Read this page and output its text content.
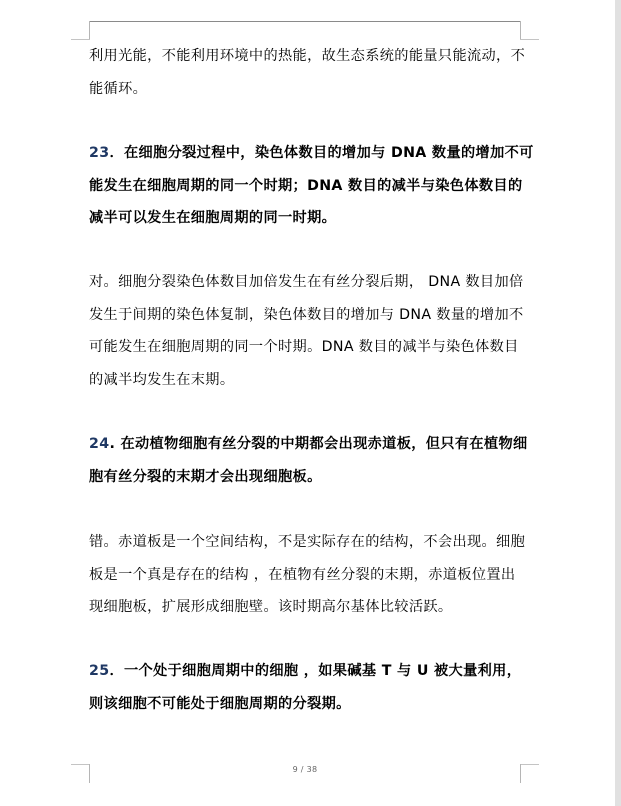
利用光能，不能利用环境中的热能，故生态系统的能量只能流动，不
能循环。
23．在细胞分裂过程中，染色体数目的增加与 DNA 数量的增加不可
能发生在细胞周期的同一个时期；DNA 数目的减半与染色体数目的
减半可以发生在细胞周期的同一时期。
对。细胞分裂染色体数目加倍发生在有丝分裂后期， DNA 数目加倍
发生于间期的染色体复制，染色体数目的增加与 DNA 数量的增加不
可能发生在细胞周期的同一个时期。DNA 数目的减半与染色体数目
的减半均发生在末期。
24. 在动植物细胞有丝分裂的中期都会出现赤道板，但只有在植物细
胞有丝分裂的末期才会出现细胞板。
错。赤道板是一个空间结构，不是实际存在的结构，不会出现。细胞
板是一个真是存在的结构 ，在植物有丝分裂的末期，赤道板位置出
现细胞板，扩展形成细胞壁。该时期高尔基体比较活跃。
25．一个处于细胞周期中的细胞 ，如果碱基 T 与 U 被大量利用，
则该细胞不可能处于细胞周期的分裂期。
9 / 38
